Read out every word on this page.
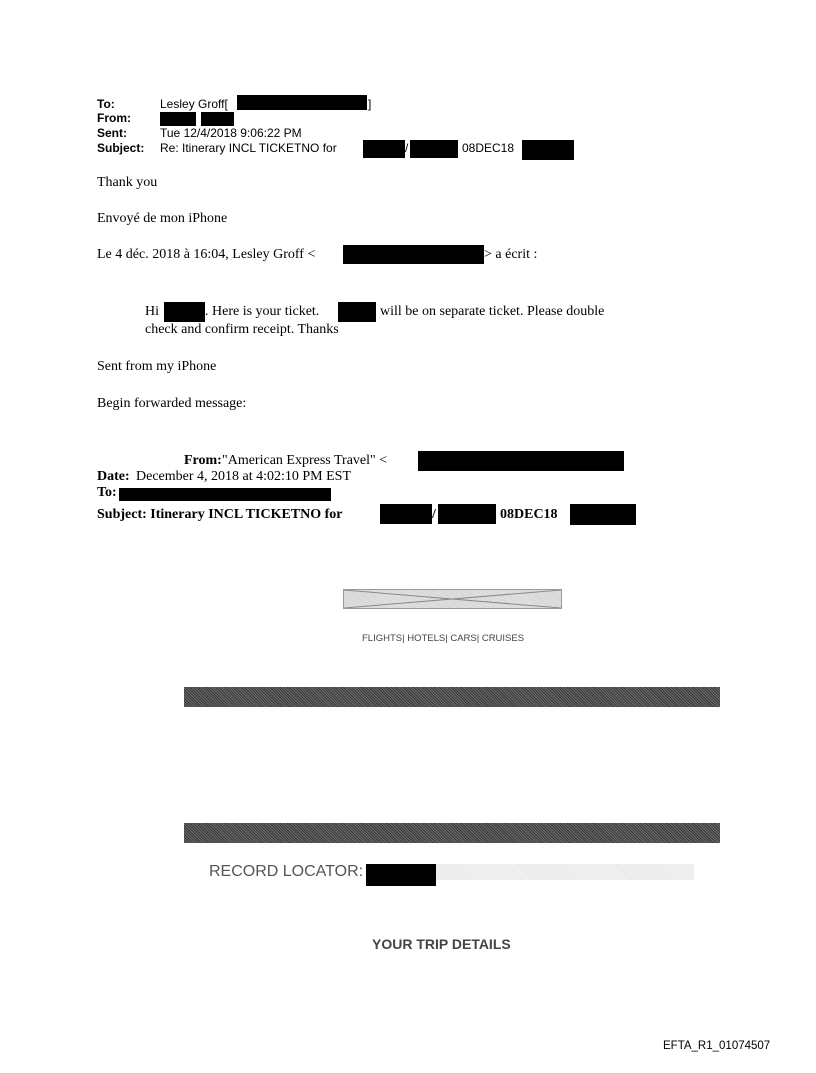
To:	Lesley Groff[	]
From:
Sent:	Tue 12/4/2018 9:06:22 PM
Subject: Re: Itinerary INCL TICKETNO for	/	08DEC18
Thank you
Envoyé de mon iPhone
Le 4 déc. 2018 à 16:04, Lesley Groff <	> a écrit :
Hi	. Here is your ticket.	will be on separate ticket. Please double
check and confirm receipt. Thanks
Sent from my iPhone
Begin forwarded message:
From: "American Express Travel" <
Date: December 4, 2018 at 4:02:10 PM EST
To:
Subject: Itinerary INCL TICKETNO for	/	08DEC18
FLIGHTS| HOTELS| CARS| CRUISES
RECORD LOCATOR:
YOUR TRIP DETAILS
EFTA_R1_01074507
